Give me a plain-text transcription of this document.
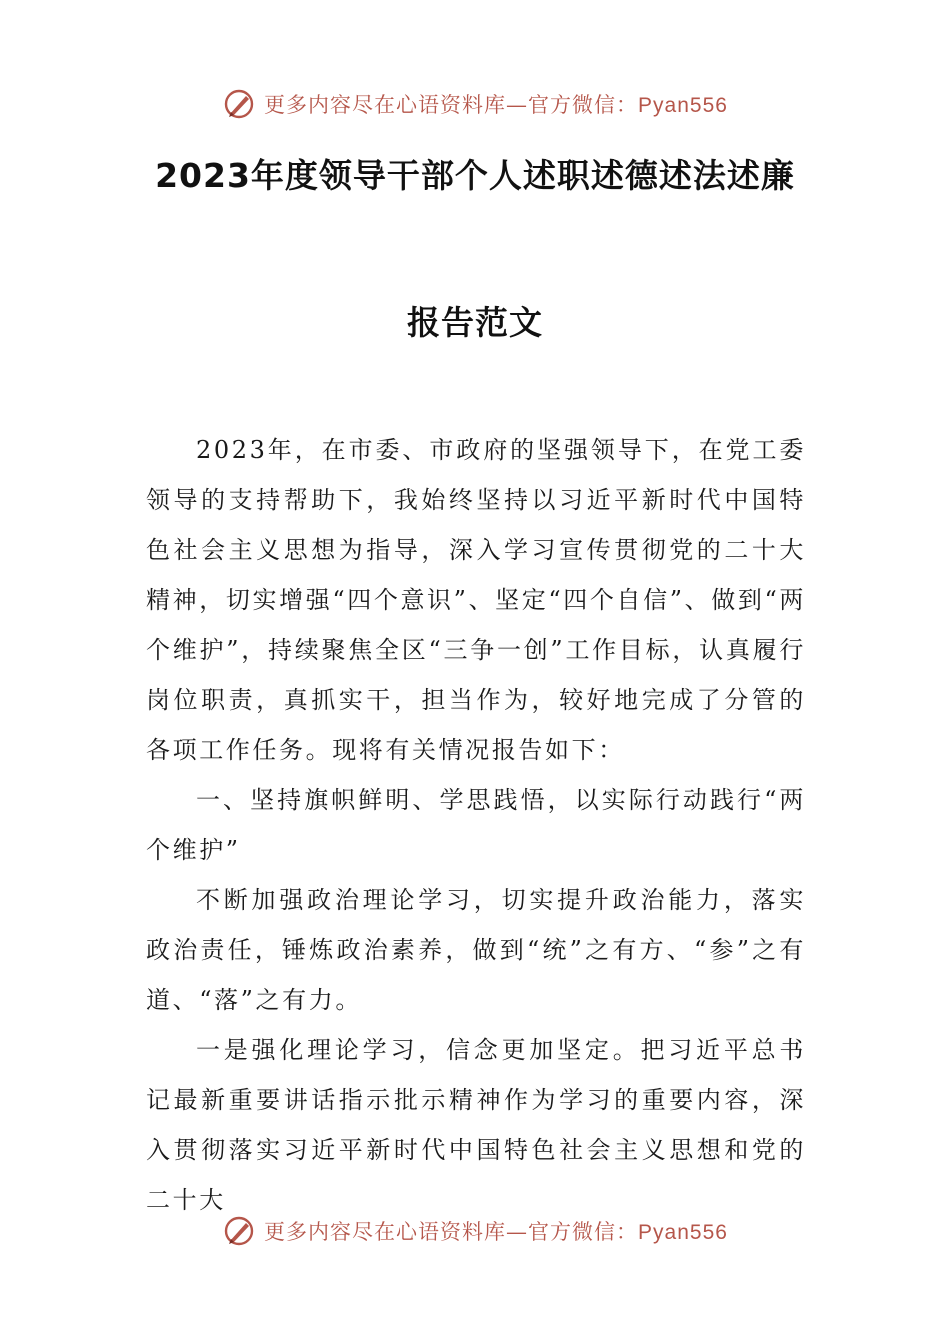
更多内容尽在心语资料库—官方微信：Pyan556
2023年度领导干部个人述职述德述法述廉
报告范文

2023年，在市委、市政府的坚强领导下，在党工委领导的支持帮助下，我始终坚持以习近平新时代中国特色社会主义思想为指导，深入学习宣传贯彻党的二十大精神，切实增强“四个意识”、坚定“四个自信”、做到“两个维护”，持续聚焦全区“三争一创”工作目标，认真履行岗位职责，真抓实干，担当作为，较好地完成了分管的各项工作任务。现将有关情况报告如下：

一、坚持旗帜鲜明、学思践悟，以实际行动践行“两个维护”

不断加强政治理论学习，切实提升政治能力，落实政治责任，锤炼政治素养，做到“统”之有方、“参”之有道、“落”之有力。

一是强化理论学习，信念更加坚定。把习近平总书记最新重要讲话指示批示精神作为学习的重要内容，深入贯彻落实习近平新时代中国特色社会主义思想和党的二十大

更多内容尽在心语资料库—官方微信：Pyan556
